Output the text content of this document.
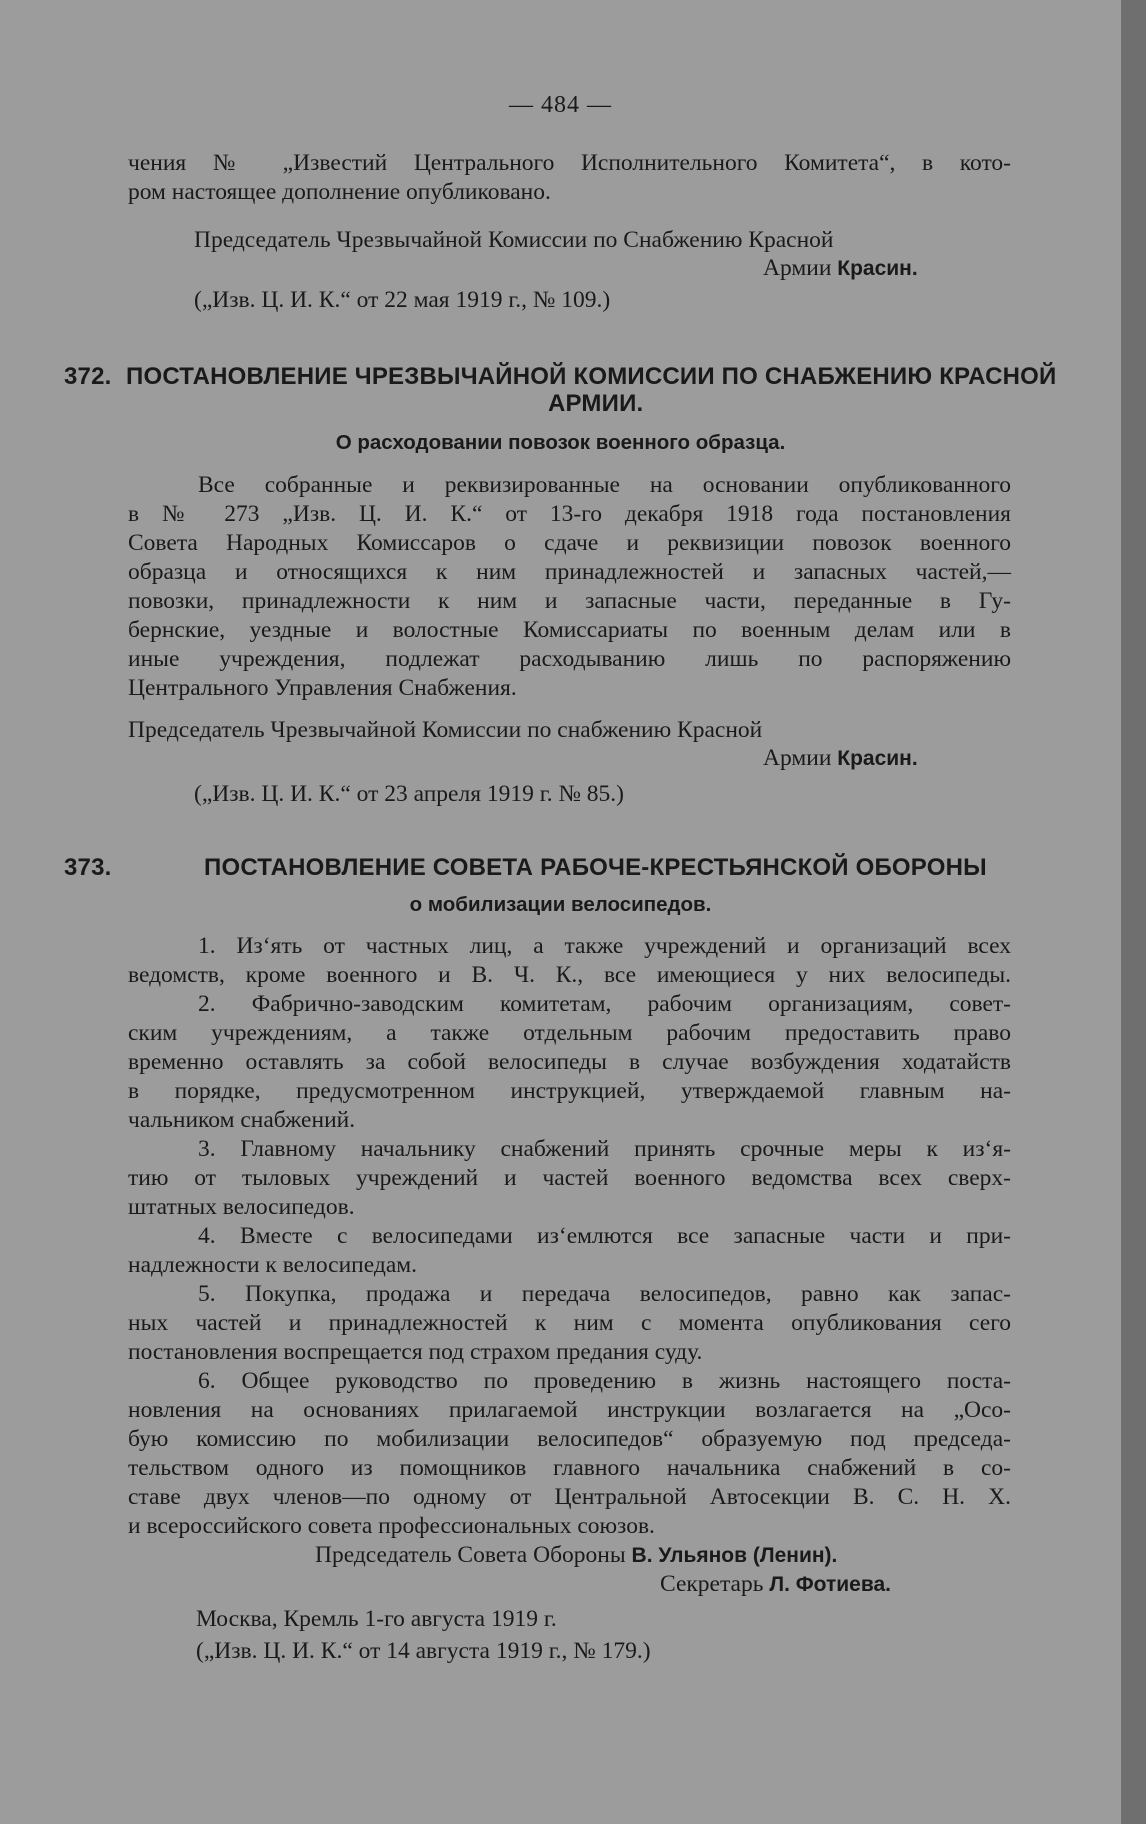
— 484 —
чения № „Известий Центрального Исполнительного Комитета“, в кото-
ром настоящее дополнение опубликовано.
Председатель Чрезвычайной Комиссии по Снабжению Красной
Армии Красин.
(„Изв. Ц. И. К.“ от 22 мая 1919 г., № 109.)
372. ПОСТАНОВЛЕНИЕ ЧРЕЗВЫЧАЙНОЙ КОМИССИИ ПО СНАБЖЕНИЮ КРАСНОЙ
АРМИИ.
О расходовании повозок военного образца.
Все собранные и реквизированные на основании опубликованного
в № 273 „Изв. Ц. И. К.“ от 13-го декабря 1918 года постановления
Совета Народных Комиссаров о сдаче и реквизиции повозок военного
образца и относящихся к ним принадлежностей и запасных частей,—
повозки, принадлежности к ним и запасные части, переданные в Гу-
бернские, уездные и волостные Комиссариаты по военным делам или в
иные учреждения, подлежат расходыванию лишь по распоряжению
Центрального Управления Снабжения.
Председатель Чрезвычайной Комиссии по снабжению Красной
Армии Красин.
(„Изв. Ц. И. К.“ от 23 апреля 1919 г. № 85.)
373.	ПОСТАНОВЛЕНИЕ СОВЕТА РАБОЧЕ-КРЕСТЬЯНСКОЙ ОБОРОНЫ
о мобилизации велосипедов.
1. Из‘ять от частных лиц, а также учреждений и организаций всех
ведомств, кроме военного и В. Ч. К., все имеющиеся у них велосипеды.
2. Фабрично-заводским комитетам, рабочим организациям, совет-
ским учреждениям, а также отдельным рабочим предоставить право
временно оставлять за собой велосипеды в случае возбуждения ходатайств
в порядке, предусмотренном инструкцией, утверждаемой главным на-
чальником снабжений.
3. Главному начальнику снабжений принять срочные меры к из‘я-
тию от тыловых учреждений и частей военного ведомства всех сверх-
штатных велосипедов.
4. Вместе с велосипедами из‘емлются все запасные части и при-
надлежности к велосипедам.
5. Покупка, продажа и передача велосипедов, равно как запас-
ных частей и принадлежностей к ним с момента опубликования сего
постановления воспрещается под страхом предания суду.
6. Общее руководство по проведению в жизнь настоящего поста-
новления на основаниях прилагаемой инструкции возлагается на „Осо-
бую комиссию по мобилизации велосипедов“ образуемую под председа-
тельством одного из помощников главного начальника снабжений в со-
ставе двух членов—по одному от Центральной Автосекции В. С. Н. Х.
и всероссийского совета профессиональных союзов.
Председатель Совета Обороны В. Ульянов (Ленин).
Секретарь Л. Фотиева.
Москва, Кремль 1-го августа 1919 г.
(„Изв. Ц. И. К.“ от 14 августа 1919 г., № 179.)
